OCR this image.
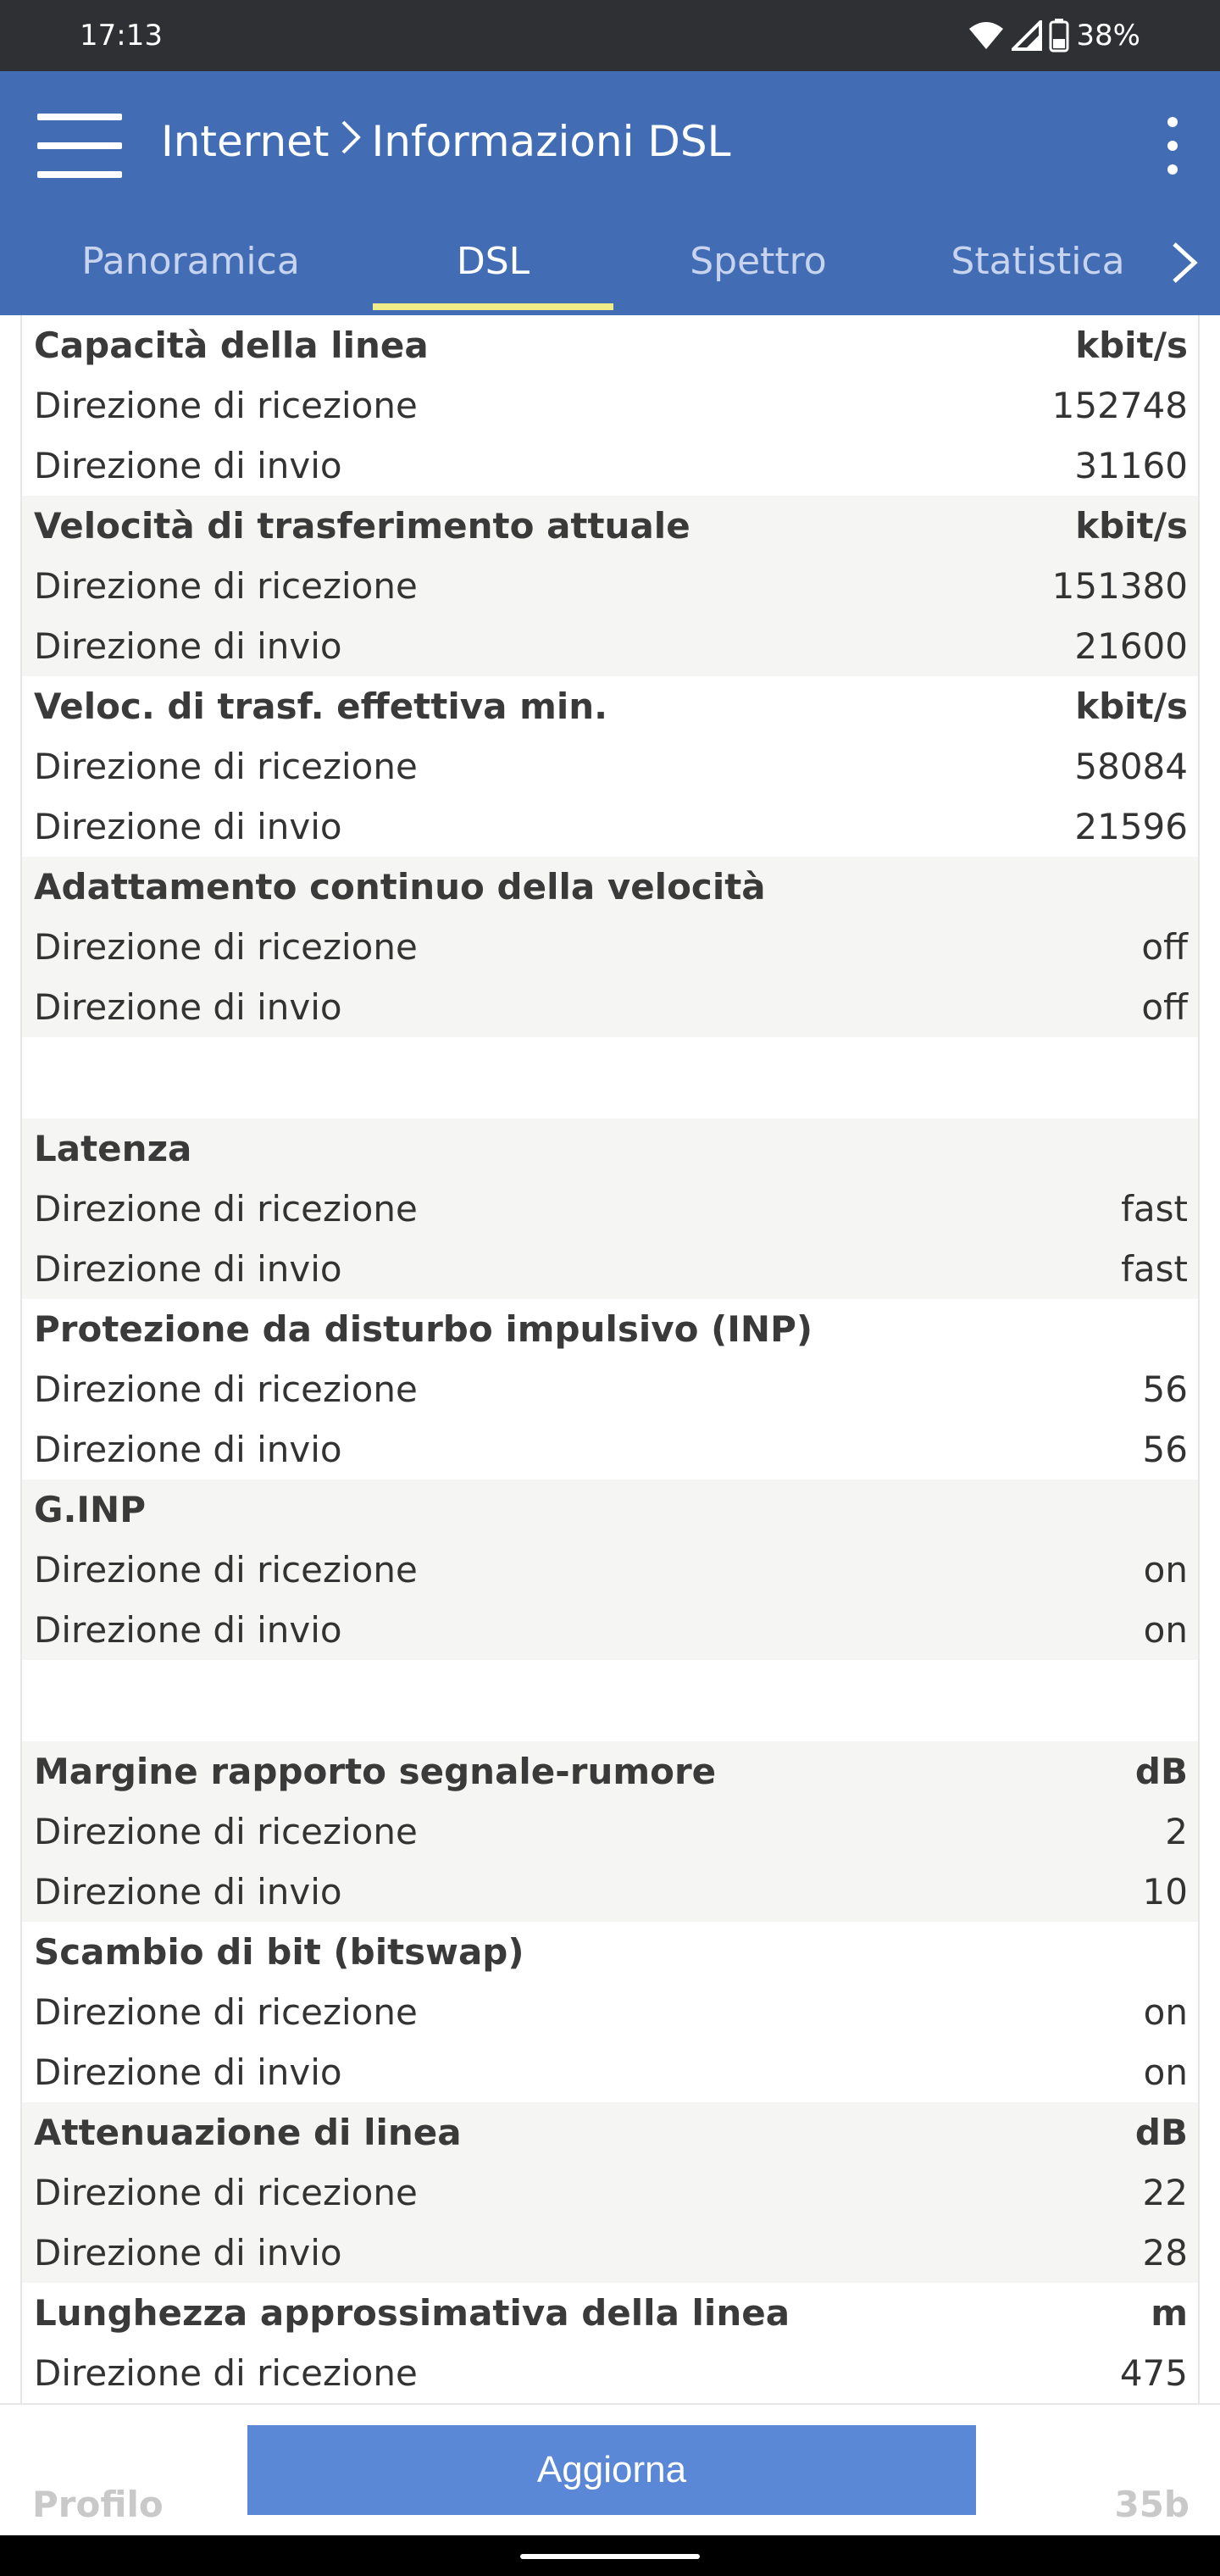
17:13	38%
Internet Informazioni DSL
Panoramica	DSL	Spettro	Statistica
Capacità della linea	kbit/s
Direzione di ricezione	152748
Direzione di invio	31160
Velocità di trasferimento attuale	kbit/s
Direzione di ricezione	151380
Direzione di invio	21600
Veloc. di trasf. effettiva min.	kbit/s
Direzione di ricezione	58084
Direzione di invio	21596
Adattamento continuo della velocità
Direzione di ricezione	off
Direzione di invio	off
Latenza
Direzione di ricezione	fast
Direzione di invio	fast
Protezione da disturbo impulsivo (INP)
Direzione di ricezione	56
Direzione di invio	56
G.INP
Direzione di ricezione	on
Direzione di invio	on
Margine rapporto segnale-rumore	dB
Direzione di ricezione	2
Direzione di invio	10
Scambio di bit (bitswap)
Direzione di ricezione	on
Direzione di invio	on
Attenuazione di linea	dB
Direzione di ricezione	22
Direzione di invio	28
Lunghezza approssimativa della linea	m
Direzione di ricezione	475
Profilo	35b
Aggiorna
